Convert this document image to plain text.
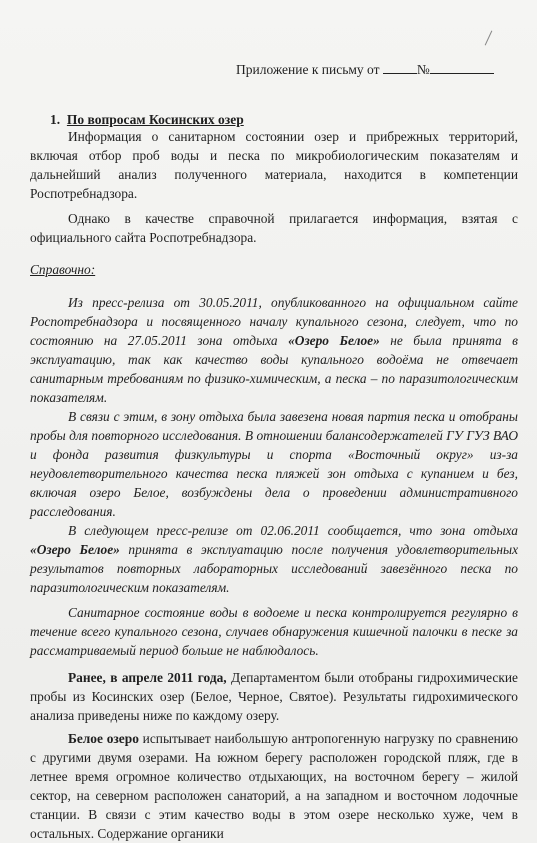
Приложение к письму от	№
1. По вопросам Косинских озер

Информация о санитарном состоянии озер и прибрежных территорий, включая отбор проб воды и песка по микробиологическим показателям и дальнейший анализ полученного материала, находится в компетенции Роспотребнадзора.

Однако в качестве справочной прилагается информация, взятая с официального сайта Роспотребнадзора.

Справочно:

Из пресс-релиза от 30.05.2011, опубликованного на официальном сайте Роспотребнадзора и посвященного началу купального сезона, следует, что по состоянию на 27.05.2011 зона отдыха «Озеро Белое» не была принята в эксплуатацию, так как качество воды купального водоёма не отвечает санитарным требованиям по физико-химическим, а песка – по паразитологическим показателям.

В связи с этим, в зону отдыха была завезена новая партия песка и отобраны пробы для повторного исследования. В отношении балансодержателей ГУ ГУЗ ВАО и фонда развития физкультуры и спорта «Восточный округ» из-за неудовлетворительного качества песка пляжей зон отдыха с купанием и без, включая озеро Белое, возбуждены дела о проведении административного расследования.

В следующем пресс-релизе от 02.06.2011 сообщается, что зона отдыха «Озеро Белое» принята в эксплуатацию после получения удовлетворительных результатов повторных лабораторных исследований завезённого песка по паразитологическим показателям.

Санитарное состояние воды в водоеме и песка контролируется регулярно в течение всего купального сезона, случаев обнаружения кишечной палочки в песке за рассматриваемый период больше не наблюдалось.

Ранее, в апреле 2011 года, Департаментом были отобраны гидрохимические пробы из Косинских озер (Белое, Черное, Святое). Результаты гидрохимического анализа приведены ниже по каждому озеру.

Белое озеро испытывает наибольшую антропогенную нагрузку по сравнению с другими двумя озерами. На южном берегу расположен городской пляж, где в летнее время огромное количество отдыхающих, на восточном берегу – жилой сектор, на северном расположен санаторий, а на западном и восточном лодочные станции. В связи с этим качество воды в этом озере несколько хуже, чем в остальных. Содержание органики
